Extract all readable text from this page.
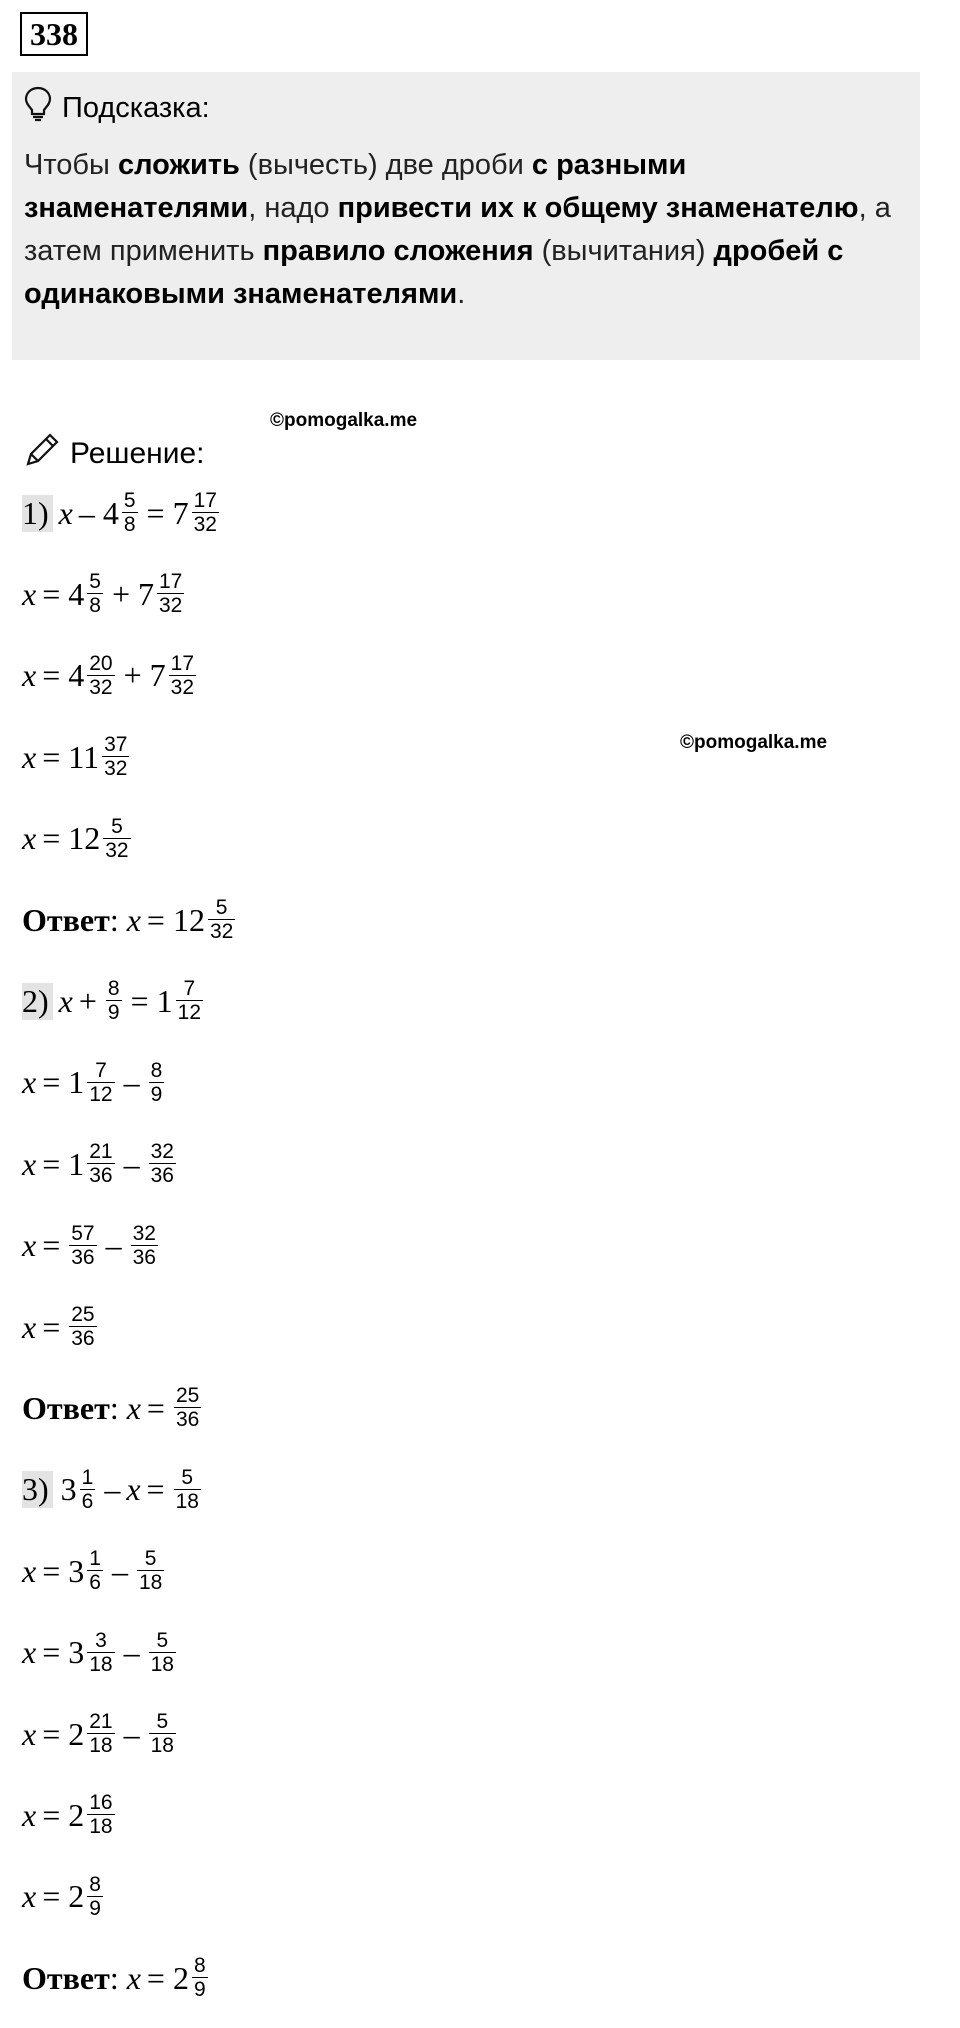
338
Подсказка:
Чтобы сложить (вычесть) две дроби с разными знаменателями, надо привести их к общему знаменателю, а затем применить правило сложения (вычитания) дробей с одинаковыми знаменателями.
©pomogalka.me
©pomogalka.me
Решение:
1) $x - 4 \frac{5}{8} = 7 \frac{17}{32}$
$x = 4 \frac{5}{8} + 7 \frac{17}{32}$
$x = 4 \frac{20}{32} + 7 \frac{17}{32}$
$x = 11 \frac{37}{32}$
$x = 12 \frac{5}{32}$
Ответ : $x = 12 \frac{5}{32}$
2) $x + \frac{8}{9} = 1 \frac{7}{12}$
$x = 1 \frac{7}{12} - \frac{8}{9}$
$x = 1 \frac{21}{36} - \frac{32}{36}$
$x = \frac{57}{36} - \frac{32}{36}$
$x = \frac{25}{36}$
Ответ : $x = \frac{25}{36}$
3) $3 \frac{1}{6} - x = \frac{5}{18}$
$x = 3 \frac{1}{6} - \frac{5}{18}$
$x = 3 \frac{3}{18} - \frac{5}{18}$
$x = 2 \frac{21}{18} - \frac{5}{18}$
$x = 2 \frac{16}{18}$
$x = 2 \frac{8}{9}$
Ответ : $x = 2 \frac{8}{9}$
